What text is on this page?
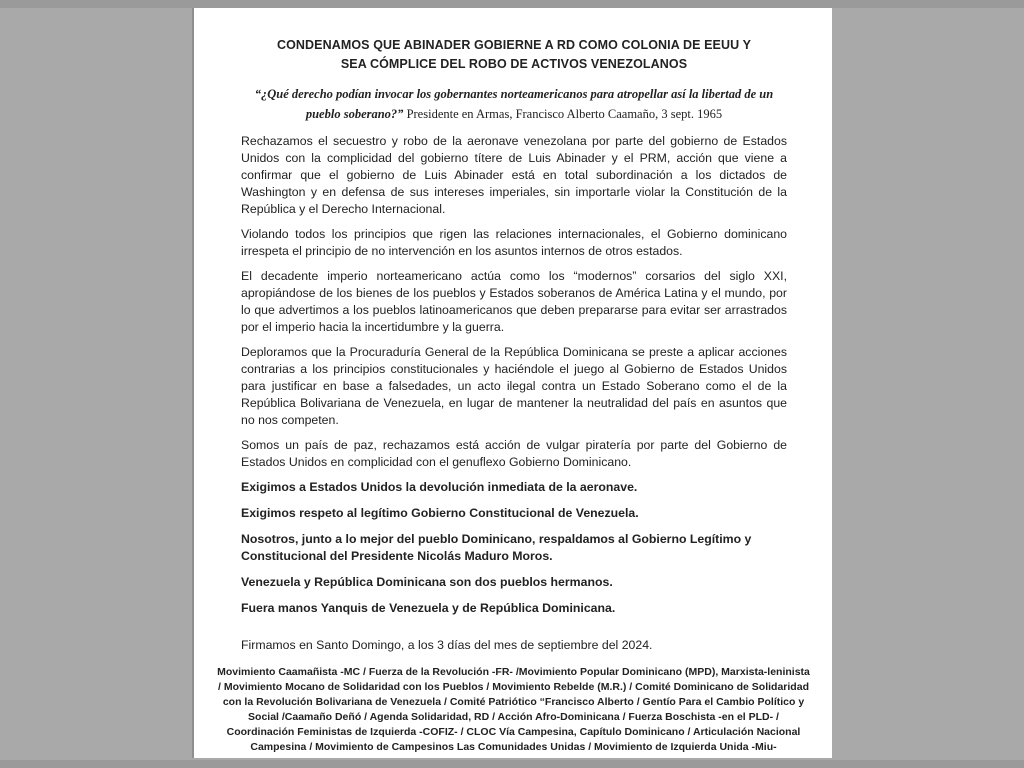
CONDENAMOS QUE ABINADER GOBIERNE A RD COMO COLONIA DE EEUU Y
SEA CÓMPLICE DEL ROBO DE ACTIVOS VENEZOLANOS

“¿Qué derecho podían invocar los gobernantes norteamericanos para atropellar así la libertad de un pueblo soberano?” Presidente en Armas, Francisco Alberto Caamaño, 3 sept. 1965

Rechazamos el secuestro y robo de la aeronave venezolana por parte del gobierno de Estados Unidos con la complicidad del gobierno títere de Luis Abinader y el PRM, acción que viene a confirmar que el gobierno de Luis Abinader está en total subordinación a los dictados de Washington y en defensa de sus intereses imperiales, sin importarle violar la Constitución de la República y el Derecho Internacional.

Violando todos los principios que rigen las relaciones internacionales, el Gobierno dominicano irrespeta el principio de no intervención en los asuntos internos de otros estados.

El decadente imperio norteamericano actúa como los “modernos” corsarios del siglo XXI, apropiándose de los bienes de los pueblos y Estados soberanos de América Latina y el mundo, por lo que advertimos a los pueblos latinoamericanos que deben prepararse para evitar ser arrastrados por el imperio hacia la incertidumbre y la guerra.

Deploramos que la Procuraduría General de la República Dominicana se preste a aplicar acciones contrarias a los principios constitucionales y haciéndole el juego al Gobierno de Estados Unidos para justificar en base a falsedades, un acto ilegal contra un Estado Soberano como el de la República Bolivariana de Venezuela, en lugar de mantener la neutralidad del país en asuntos que no nos competen.

Somos un país de paz, rechazamos está acción de vulgar piratería por parte del Gobierno de Estados Unidos en complicidad con el genuflexo Gobierno Dominicano.

Exigimos a Estados Unidos la devolución inmediata de la aeronave.

Exigimos respeto al legítimo Gobierno Constitucional de Venezuela.

Nosotros, junto a lo mejor del pueblo Dominicano, respaldamos al Gobierno Legítimo y Constitucional del Presidente Nicolás Maduro Moros.

Venezuela y República Dominicana son dos pueblos hermanos.

Fuera manos Yanquis de Venezuela y de República Dominicana.

Firmamos en Santo Domingo, a los 3 días del mes de septiembre del 2024.

Movimiento Caamañista -MC / Fuerza de la Revolución -FR- /Movimiento Popular Dominicano (MPD), Marxista-leninista / Movimiento Mocano de Solidaridad con los Pueblos / Movimiento Rebelde (M.R.) / Comité Dominicano de Solidaridad con la Revolución Bolivariana de Venezuela / Comité Patriótico “Francisco Alberto / Gentío Para el Cambio Político y Social /Caamaño Deñó / Agenda Solidaridad, RD / Acción Afro-Dominicana / Fuerza Boschista -en el PLD- / Coordinación Feministas de Izquierda -COFIZ- / CLOC Vía Campesina, Capítulo Dominicano / Articulación Nacional Campesina / Movimiento de Campesinos Las Comunidades Unidas / Movimiento de Izquierda Unida -Miu-
